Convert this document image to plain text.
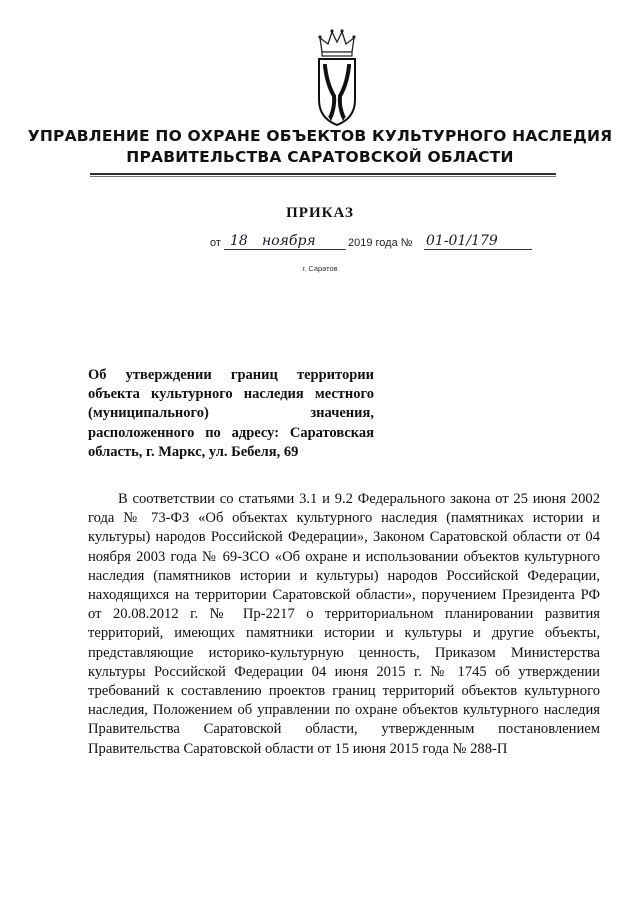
УПРАВЛЕНИЕ ПО ОХРАНЕ ОБЪЕКТОВ КУЛЬТУРНОГО НАСЛЕДИЯ
ПРАВИТЕЛЬСТВА САРАТОВСКОЙ ОБЛАСТИ
ПРИКАЗ
от 18 ноября	2019 года № 01-01/179
г. Саратов
Об утверждении границ территории объекта культурного наследия местного (муниципального) значения, расположенного по адресу: Саратовская область, г. Маркс, ул. Бебеля, 69
В соответствии со статьями 3.1 и 9.2 Федерального закона от 25 июня 2002 года № 73-ФЗ «Об объектах культурного наследия (памятниках истории и культуры) народов Российской Федерации», Законом Саратовской области от 04 ноября 2003 года № 69-ЗСО «Об охране и использовании объектов культурного наследия (памятников истории и культуры) народов Российской Федерации, находящихся на территории Саратовской области», поручением Президента РФ от 20.08.2012 г. № Пр-2217 о территориальном планировании развития территорий, имеющих памятники истории и культуры и другие объекты, представляющие историко-культурную ценность, Приказом Министерства культуры Российской Федерации 04 июня 2015 г. № 1745 об утверждении требований к составлению проектов границ территорий объектов культурного наследия, Положением об управлении по охране объектов культурного наследия Правительства Саратовской области, утвержденным постановлением Правительства Саратовской области от 15 июня 2015 года № 288-П
